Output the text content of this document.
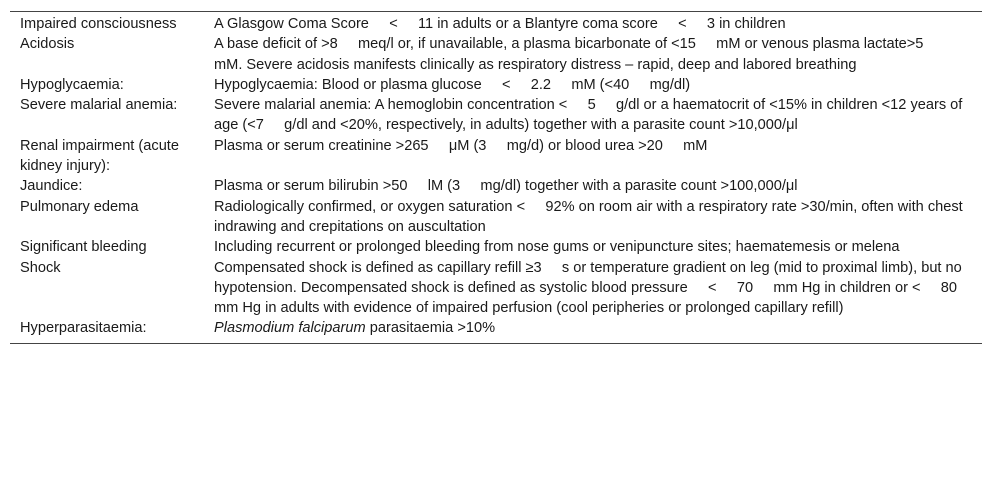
Impaired consciousness	A Glasgow Coma Score     <     11 in adults or a Blantyre coma score     <     3 in children
Acidosis	A base deficit of >8     meq/l or, if unavailable, a plasma bicarbonate of <15     mM or venous plasma lactate>5     mM. Severe acidosis manifests clinically as respiratory distress – rapid, deep and labored breathing
Hypoglycaemia:	Hypoglycaemia: Blood or plasma glucose     <     2.2     mM (<40     mg/dl)
Severe malarial anemia:	Severe malarial anemia: A hemoglobin concentration <     5     g/dl or a haematocrit of <15% in children <12 years of age (<7     g/dl and <20%, respectively, in adults) together with a parasite count >10,000/μl
Renal impairment (acute kidney injury):	Plasma or serum creatinine >265     μM (3     mg/d) or blood urea >20     mM
Jaundice:	Plasma or serum bilirubin >50     lM (3     mg/dl) together with a parasite count >100,000/μl
Pulmonary edema	Radiologically confirmed, or oxygen saturation <     92% on room air with a respiratory rate >30/min, often with chest indrawing and crepitations on auscultation
Significant bleeding	Including recurrent or prolonged bleeding from nose gums or venipuncture sites; haematemesis or melena
Shock	Compensated shock is defined as capillary refill ≥3     s or temperature gradient on leg (mid to proximal limb), but no hypotension. Decompensated shock is defined as systolic blood pressure     <     70     mm Hg in children or <     80     mm Hg in adults with evidence of impaired perfusion (cool peripheries or prolonged capillary refill)
Hyperparasitaemia:	Plasmodium falciparum parasitaemia >10%
